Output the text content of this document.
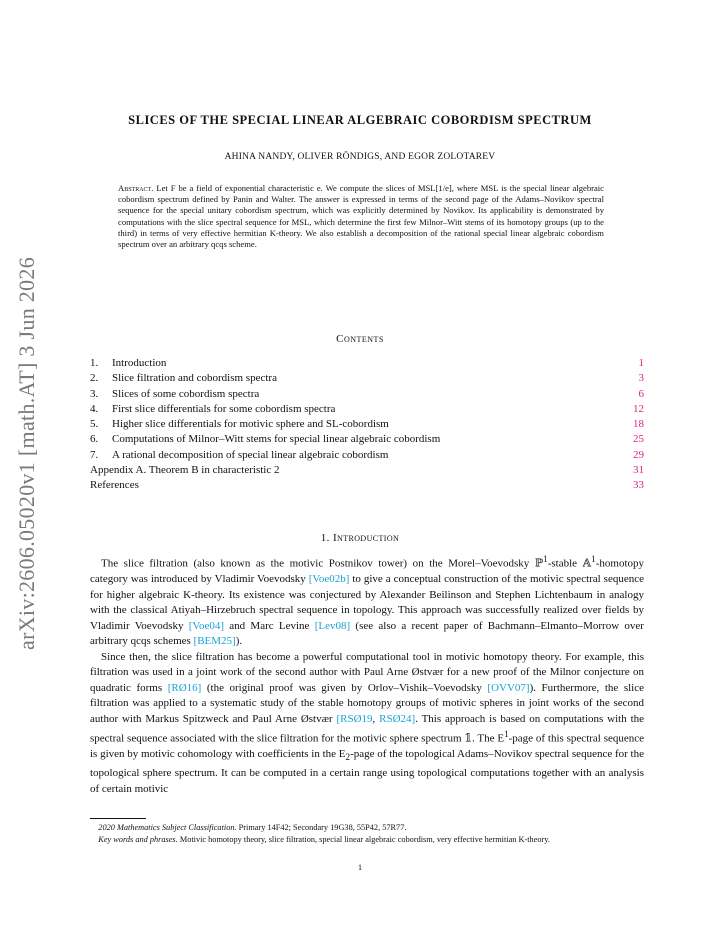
arXiv:2606.05020v1 [math.AT] 3 Jun 2026
SLICES OF THE SPECIAL LINEAR ALGEBRAIC COBORDISM SPECTRUM
AHINA NANDY, OLIVER RÖNDIGS, AND EGOR ZOLOTAREV
Abstract. Let F be a field of exponential characteristic e. We compute the slices of MSL[1/e], where MSL is the special linear algebraic cobordism spectrum defined by Panin and Walter. The answer is expressed in terms of the second page of the Adams–Novikov spectral sequence for the special unitary cobordism spectrum, which was explicitly determined by Novikov. Its applicability is demonstrated by computations with the slice spectral sequence for MSL, which determine the first few Milnor–Witt stems of its homotopy groups (up to the third) in terms of very effective hermitian K-theory. We also establish a decomposition of the rational special linear algebraic cobordism spectrum over an arbitrary qcqs scheme.
Contents
1. Introduction	1
2. Slice filtration and cobordism spectra	3
3. Slices of some cobordism spectra	6
4. First slice differentials for some cobordism spectra	12
5. Higher slice differentials for motivic sphere and SL-cobordism	18
6. Computations of Milnor–Witt stems for special linear algebraic cobordism	25
7. A rational decomposition of special linear algebraic cobordism	29
Appendix A. Theorem B in characteristic 2	31
References	33
1. Introduction

 The slice filtration (also known as the motivic Postnikov tower) on the Morel–Voevodsky ℙ$^1$-stable 𝔸$^1$-homotopy category was introduced by Vladimir Voevodsky [Voe02b] to give a conceptual construction of the motivic spectral sequence for higher algebraic K-theory. Its existence was conjectured by Alexander Beilinson and Stephen Lichtenbaum in analogy with the classical Atiyah–Hirzebruch spectral sequence in topology. This approach was successfully realized over fields by Vladimir Voevodsky [Voe04] and Marc Levine [Lev08] (see also a recent paper of Bachmann–Elmanto–Morrow over arbitrary qcqs schemes [BEM25]).

 Since then, the slice filtration has become a powerful computational tool in motivic homotopy theory. For example, this filtration was used in a joint work of the second author with Paul Arne Østvær for a new proof of the Milnor conjecture on quadratic forms [RØ16] (the original proof was given by Orlov–Vishik–Voevodsky [OVV07]). Furthermore, the slice filtration was applied to a systematic study of the stable homotopy groups of motivic spheres in joint works of the second author with Markus Spitzweck and Paul Arne Østvær [RSØ19, RSØ24]. This approach is based on computations with the spectral sequence associated with the slice filtration for the motivic sphere spectrum 𝟙. The $E^1$-page of this spectral sequence is given by motivic cohomology with coefficients in the $E_2$-page of the topological Adams–Novikov spectral sequence for the topological sphere spectrum. It can be computed in a certain range using topological computations together with an analysis of certain motivic

 2020 Mathematics Subject Classification. Primary 14F42; Secondary 19G38, 55P42, 57R77.

 Key words and phrases. Motivic homotopy theory, slice filtration, special linear algebraic cobordism, very effective hermitian K-theory.

1
